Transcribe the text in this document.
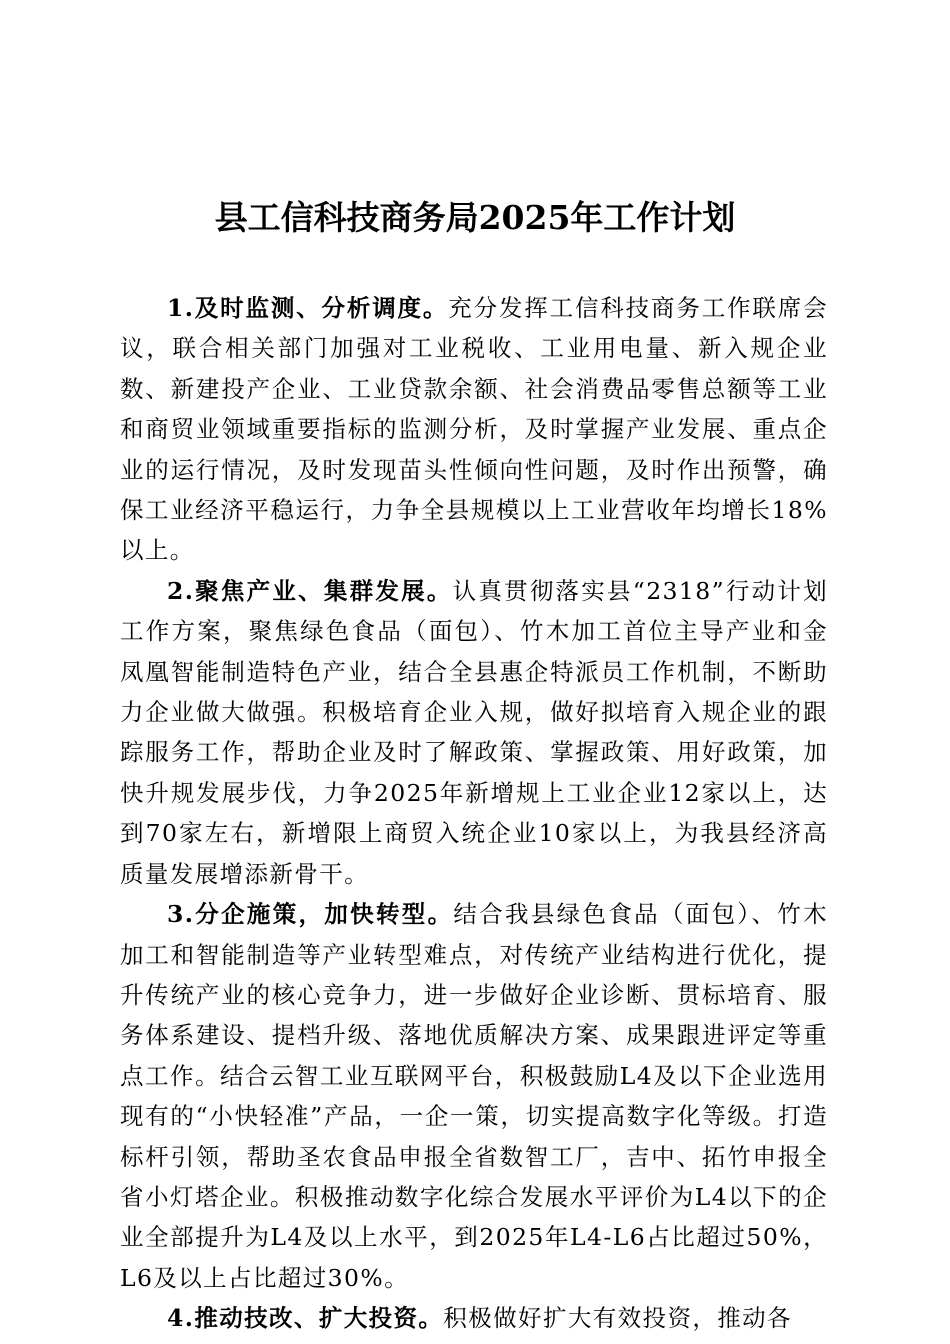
县工信科技商务局2025年工作计划

1.及时监测、分析调度。充分发挥工信科技商务工作联席会议，联合相关部门加强对工业税收、工业用电量、新入规企业数、新建投产企业、工业贷款余额、社会消费品零售总额等工业和商贸业领域重要指标的监测分析，及时掌握产业发展、重点企业的运行情况，及时发现苗头性倾向性问题，及时作出预警，确保工业经济平稳运行，力争全县规模以上工业营收年均增长18%以上。

2.聚焦产业、集群发展。认真贯彻落实县“2318”行动计划工作方案，聚焦绿色食品（面包）、竹木加工首位主导产业和金凤凰智能制造特色产业，结合全县惠企特派员工作机制，不断助力企业做大做强。积极培育企业入规，做好拟培育入规企业的跟踪服务工作，帮助企业及时了解政策、掌握政策、用好政策，加快升规发展步伐，力争2025年新增规上工业企业12家以上，达到70家左右，新增限上商贸入统企业10家以上，为我县经济高质量发展增添新骨干。

3.分企施策，加快转型。结合我县绿色食品（面包）、竹木加工和智能制造等产业转型难点，对传统产业结构进行优化，提升传统产业的核心竞争力，进一步做好企业诊断、贯标培育、服务体系建设、提档升级、落地优质解决方案、成果跟进评定等重点工作。结合云智工业互联网平台，积极鼓励L4及以下企业选用现有的“小快轻准”产品，一企一策，切实提高数字化等级。打造标杆引领，帮助圣农食品申报全省数智工厂，吉中、拓竹申报全省小灯塔企业。积极推动数字化综合发展水平评价为L4以下的企业全部提升为L4及以上水平，到2025年L4-L6占比超过50%，L6及以上占比超过30%。

4.推动技改、扩大投资。积极做好扩大有效投资，推动各
